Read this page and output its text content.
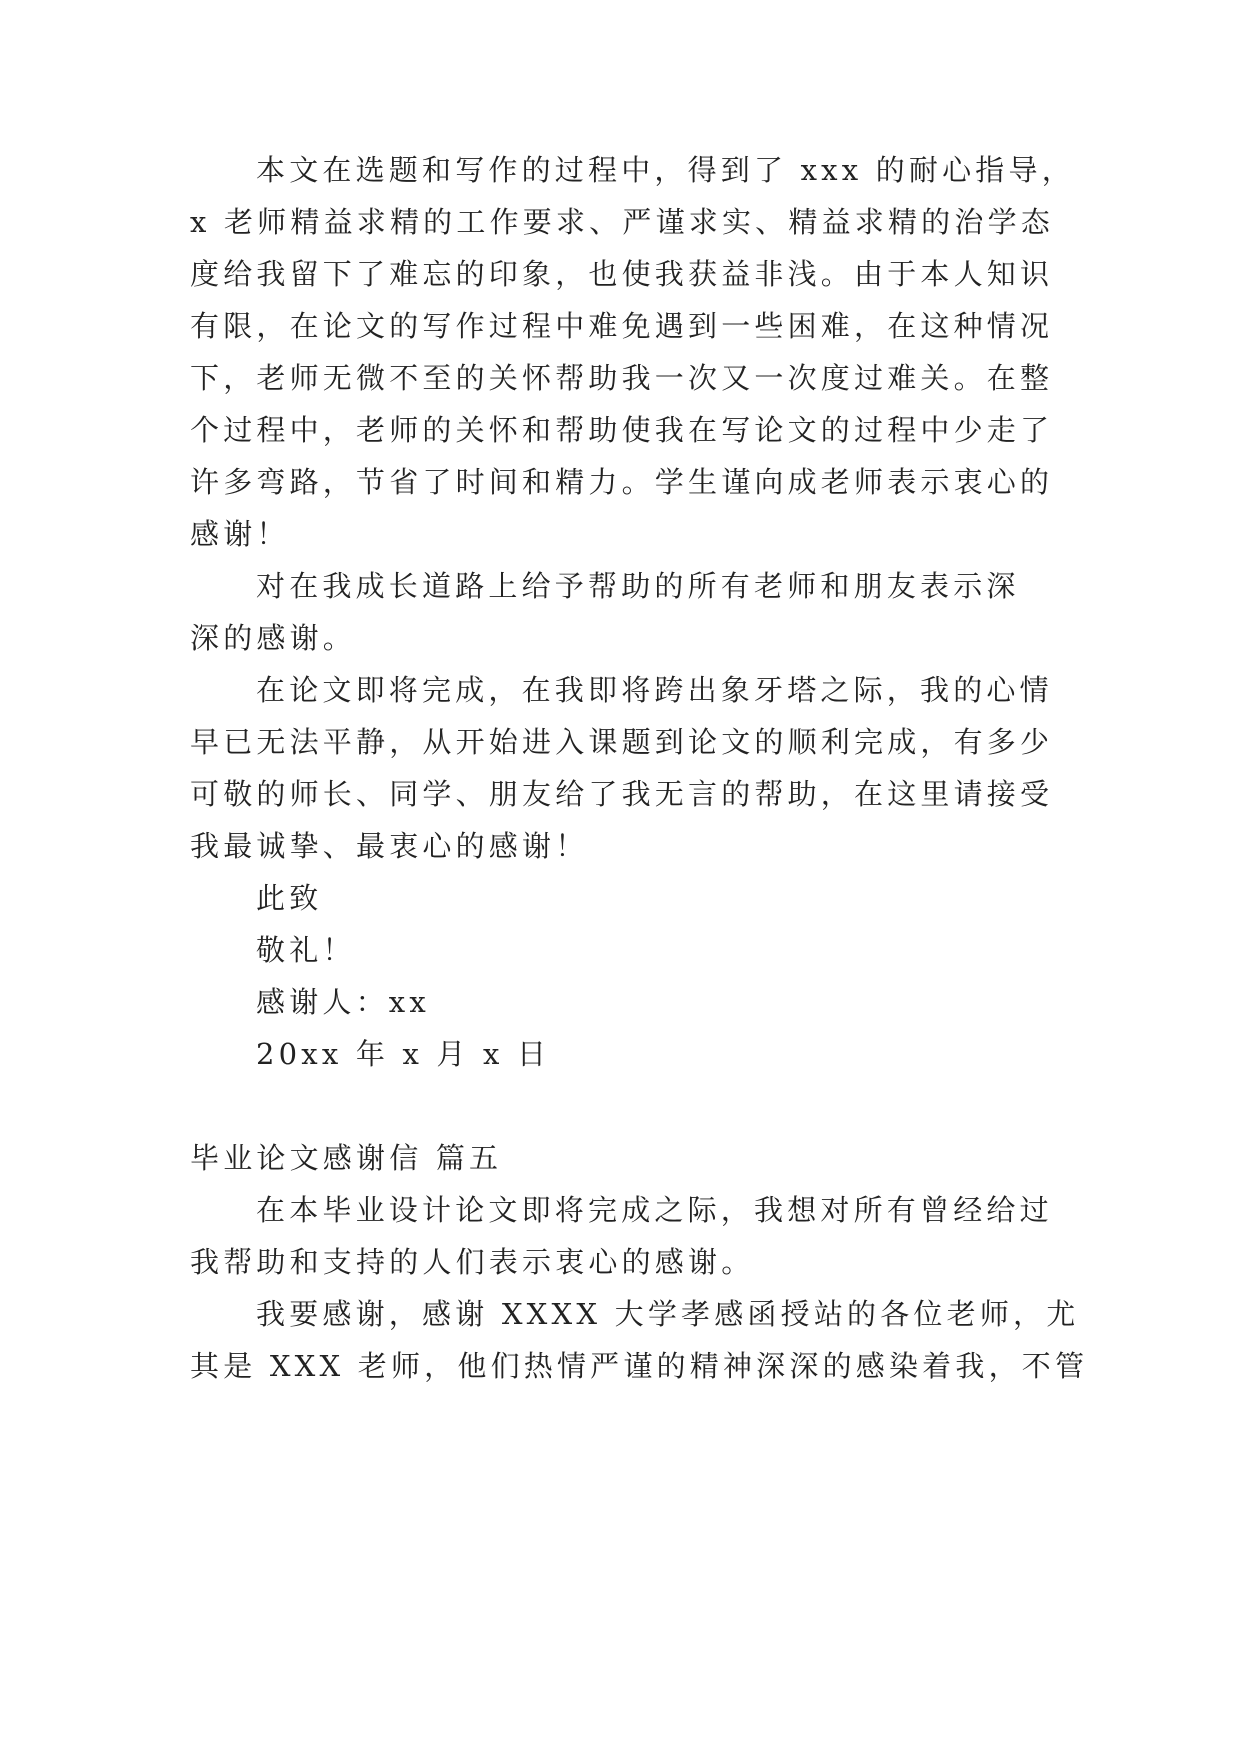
本文在选题和写作的过程中，得到了 xxx 的耐心指导，
x 老师精益求精的工作要求、严谨求实、精益求精的治学态
度给我留下了难忘的印象，也使我获益非浅。由于本人知识
有限，在论文的写作过程中难免遇到一些困难，在这种情况
下，老师无微不至的关怀帮助我一次又一次度过难关。在整
个过程中，老师的关怀和帮助使我在写论文的过程中少走了
许多弯路，节省了时间和精力。学生谨向成老师表示衷心的
感谢！
对在我成长道路上给予帮助的所有老师和朋友表示深
深的感谢。
在论文即将完成，在我即将跨出象牙塔之际，我的心情
早已无法平静，从开始进入课题到论文的顺利完成，有多少
可敬的师长、同学、朋友给了我无言的帮助，在这里请接受
我最诚挚、最衷心的感谢！
此致
敬礼！
感谢人：xx
20xx 年 x 月 x 日
毕业论文感谢信 篇五
在本毕业设计论文即将完成之际，我想对所有曾经给过
我帮助和支持的人们表示衷心的感谢。
我要感谢，感谢 XXXX 大学孝感函授站的各位老师，尤
其是 XXX 老师，他们热情严谨的精神深深的感染着我，不管
